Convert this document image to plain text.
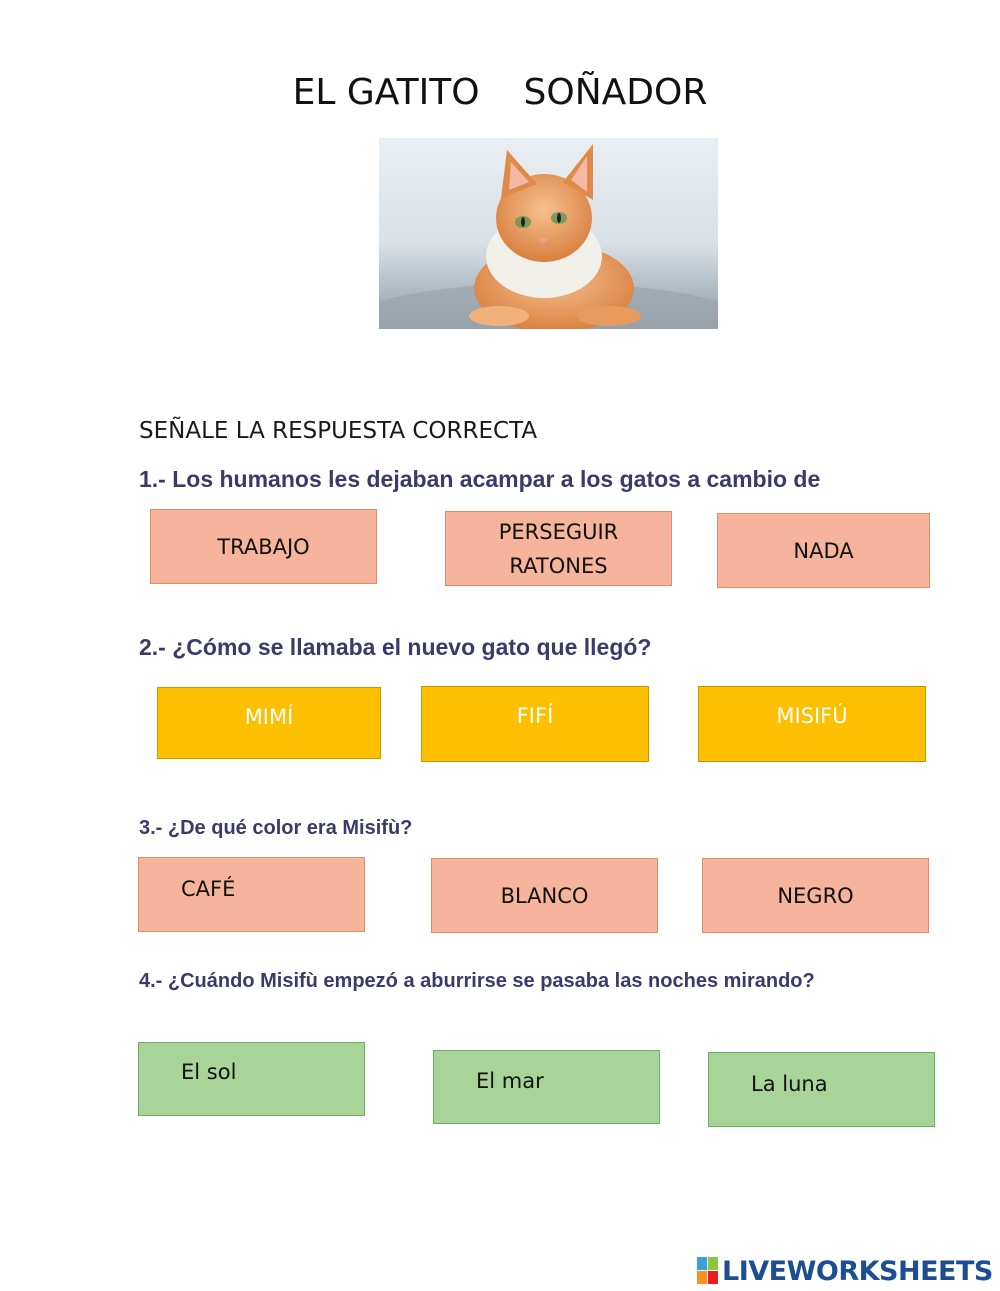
EL GATITO SOÑADOR
SEÑALE LA RESPUESTA CORRECTA
1.- Los humanos les dejaban acampar a los gatos a cambio de
TRABAJO
PERSEGUIR RATONES
NADA
2.- ¿Cómo se llamaba el nuevo gato que llegó?
MIMÍ	FIFÍ	MISIFÚ
3.- ¿De qué color era Misifù?
CAFÉ	BLANCO	NEGRO
4.- ¿Cuándo Misifù empezó a aburrirse se pasaba las noches mirando?
El sol	El mar	La luna
LIVEWORKSHEETS
